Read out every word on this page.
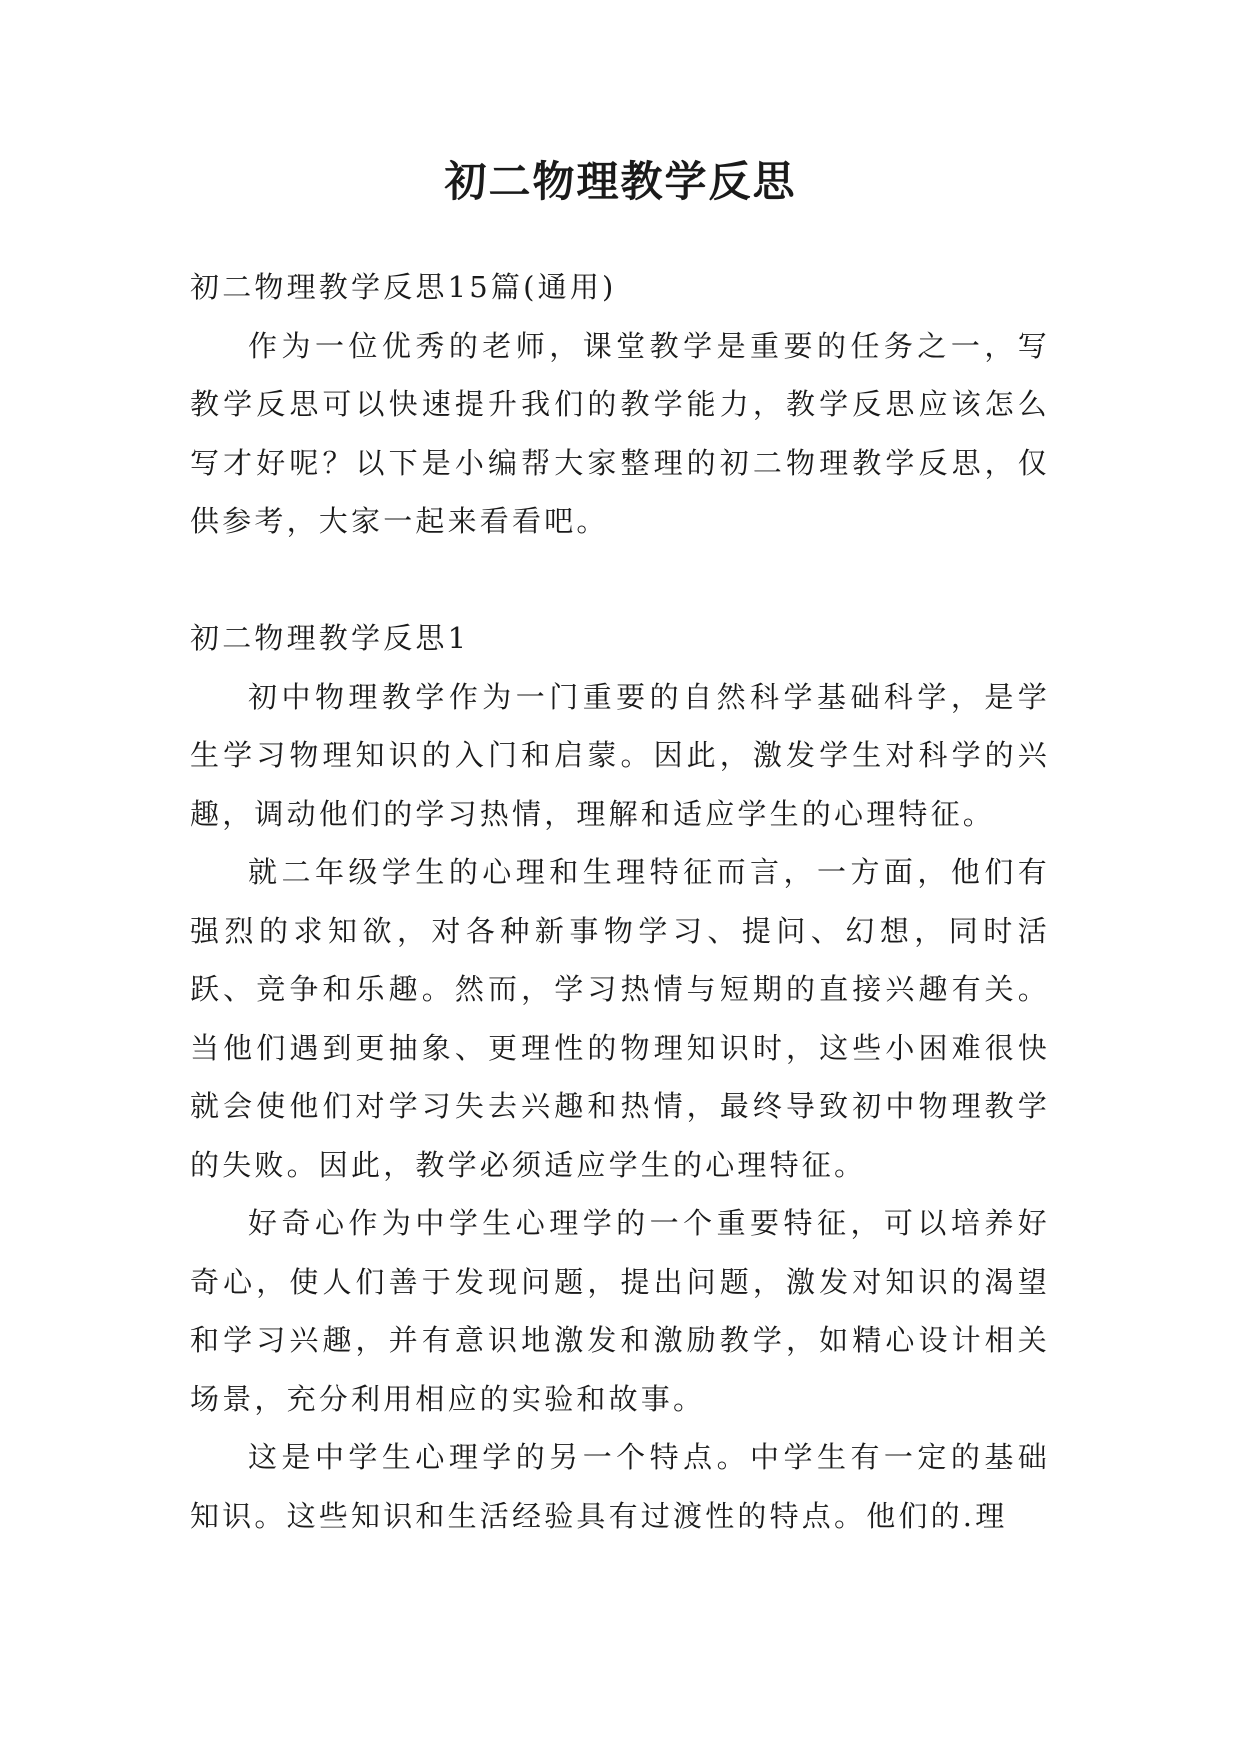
初二物理教学反思

初二物理教学反思15篇(通用)

作为一位优秀的老师，课堂教学是重要的任务之一，写教学反思可以快速提升我们的教学能力，教学反思应该怎么写才好呢？以下是小编帮大家整理的初二物理教学反思，仅供参考，大家一起来看看吧。

初二物理教学反思1

初中物理教学作为一门重要的自然科学基础科学，是学生学习物理知识的入门和启蒙。因此，激发学生对科学的兴趣，调动他们的学习热情，理解和适应学生的心理特征。

就二年级学生的心理和生理特征而言，一方面，他们有强烈的求知欲，对各种新事物学习、提问、幻想，同时活跃、竞争和乐趣。然而，学习热情与短期的直接兴趣有关。当他们遇到更抽象、更理性的物理知识时，这些小困难很快就会使他们对学习失去兴趣和热情，最终导致初中物理教学的失败。因此，教学必须适应学生的心理特征。

好奇心作为中学生心理学的一个重要特征，可以培养好奇心，使人们善于发现问题，提出问题，激发对知识的渴望和学习兴趣，并有意识地激发和激励教学，如精心设计相关场景，充分利用相应的实验和故事。

这是中学生心理学的另一个特点。中学生有一定的基础知识。这些知识和生活经验具有过渡性的特点。他们的.理
